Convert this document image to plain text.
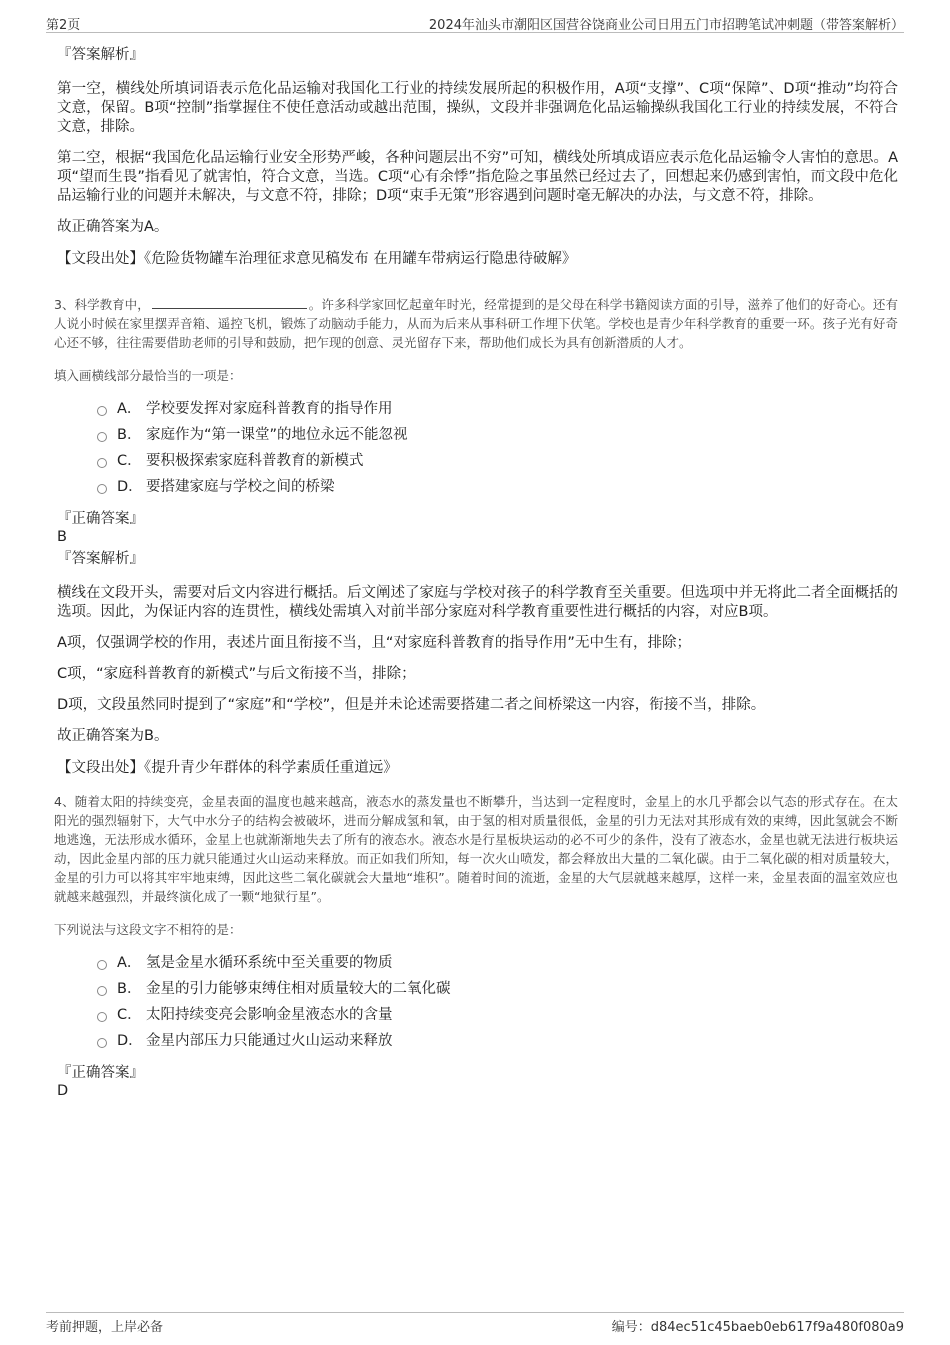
第2页	2024年汕头市潮阳区国营谷饶商业公司日用五门市招聘笔试冲刺题（带答案解析）
『答案解析』

第一空，横线处所填词语表示危化品运输对我国化工行业的持续发展所起的积极作用，A项“支撑”、C项“保障”、D项“推动”均符合文意，保留。B项“控制”指掌握住不使任意活动或越出范围，操纵，文段并非强调危化品运输操纵我国化工行业的持续发展，不符合文意，排除。

第二空，根据“我国危化品运输行业安全形势严峻，各种问题层出不穷”可知，横线处所填成语应表示危化品运输令人害怕的意思。A项“望而生畏”指看见了就害怕，符合文意，当选。C项“心有余悸”指危险之事虽然已经过去了，回想起来仍感到害怕，而文段中危化品运输行业的问题并未解决，与文意不符，排除；D项“束手无策”形容遇到问题时毫无解决的办法，与文意不符，排除。

故正确答案为A。

【文段出处】《危险货物罐车治理征求意见稿发布 在用罐车带病运行隐患待破解》
3、科学教育中，	。许多科学家回忆起童年时光，经常提到的是父母在科学书籍阅读方面的引导，滋养了他们的好奇心。还有人说小时候在家里摆弄音箱、遥控飞机，锻炼了动脑动手能力，从而为后来从事科研工作埋下伏笔。学校也是青少年科学教育的重要一环。孩子光有好奇心还不够，往往需要借助老师的引导和鼓励，把乍现的创意、灵光留存下来，帮助他们成长为具有创新潜质的人才。
填入画横线部分最恰当的一项是：
A． 学校要发挥对家庭科普教育的指导作用
B． 家庭作为“第一课堂”的地位永远不能忽视
C． 要积极探索家庭科普教育的新模式
D． 要搭建家庭与学校之间的桥梁
『正确答案』
B
『答案解析』

横线在文段开头，需要对后文内容进行概括。后文阐述了家庭与学校对孩子的科学教育至关重要。但选项中并无将此二者全面概括的选项。因此，为保证内容的连贯性，横线处需填入对前半部分家庭对科学教育重要性进行概括的内容，对应B项。

A项，仅强调学校的作用，表述片面且衔接不当，且“对家庭科普教育的指导作用”无中生有，排除；

C项，“家庭科普教育的新模式”与后文衔接不当，排除；

D项，文段虽然同时提到了“家庭”和“学校”，但是并未论述需要搭建二者之间桥梁这一内容，衔接不当，排除。

故正确答案为B。

【文段出处】《提升青少年群体的科学素质任重道远》
4、随着太阳的持续变亮，金星表面的温度也越来越高，液态水的蒸发量也不断攀升，当达到一定程度时，金星上的水几乎都会以气态的形式存在。在太阳光的强烈辐射下，大气中水分子的结构会被破坏，进而分解成氢和氧，由于氢的相对质量很低，金星的引力无法对其形成有效的束缚，因此氢就会不断地逃逸，无法形成水循环，金星上也就渐渐地失去了所有的液态水。液态水是行星板块运动的必不可少的条件，没有了液态水，金星也就无法进行板块运动，因此金星内部的压力就只能通过火山运动来释放。而正如我们所知，每一次火山喷发，都会释放出大量的二氧化碳。由于二氧化碳的相对质量较大，金星的引力可以将其牢牢地束缚，因此这些二氧化碳就会大量地“堆积”。随着时间的流逝，金星的大气层就越来越厚，这样一来，金星表面的温室效应也就越来越强烈，并最终演化成了一颗“地狱行星”。
下列说法与这段文字不相符的是：
A． 氢是金星水循环系统中至关重要的物质
B． 金星的引力能够束缚住相对质量较大的二氧化碳
C． 太阳持续变亮会影响金星液态水的含量
D． 金星内部压力只能通过火山运动来释放
『正确答案』
D
考前押题，上岸必备	编号：d84ec51c45baeb0eb617f9a480f080a9
